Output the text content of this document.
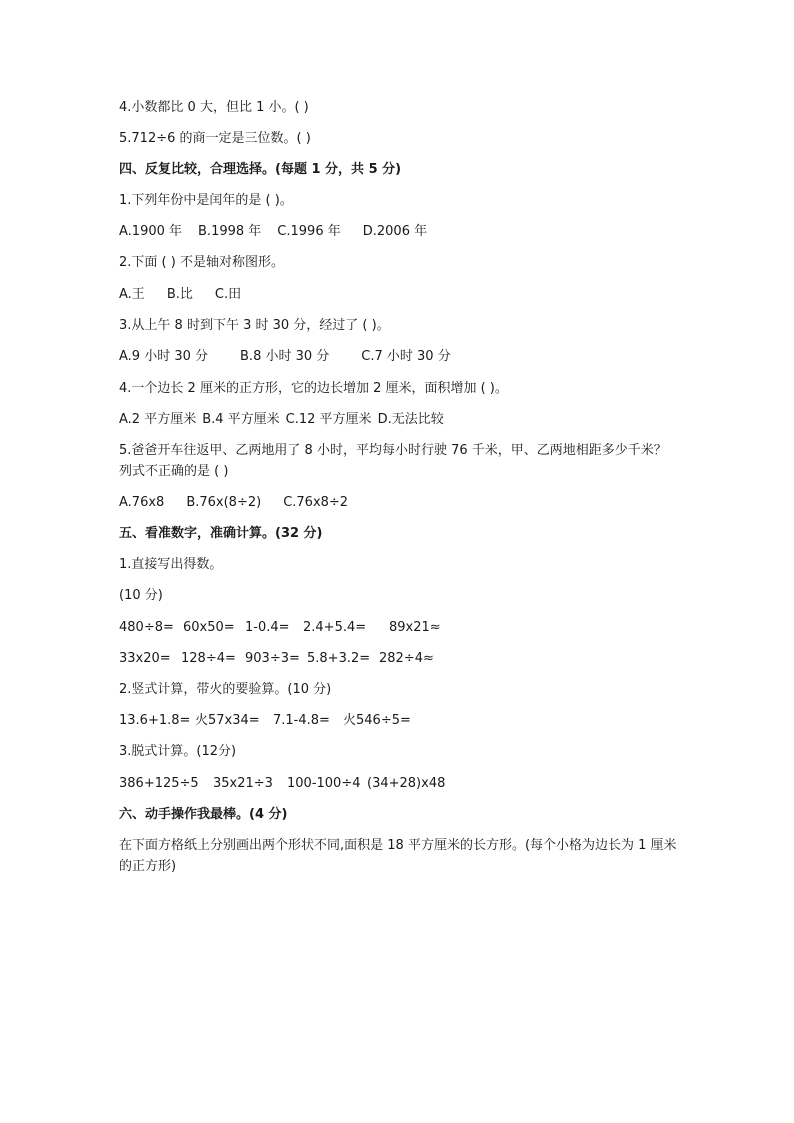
4.小数都比 0 大，但比 1 小。( )
5.712÷6 的商一定是三位数。( )
四、反复比较，合理选择。(每题 1 分，共 5 分)
1.下列年份中是闰年的是 ( )。
A.1900 年 B.1998 年 C.1996 年 D.2006 年
2.下面 ( ) 不是轴对称图形。
A.王 B.比 C.田
3.从上午 8 时到下午 3 时 30 分，经过了 ( )。
A.9 小时 30 分 B.8 小时 30 分 C.7 小时 30 分
4.一个边长 2 厘米的正方形，它的边长增加 2 厘米，面积增加 ( )。
A.2 平方厘米 B.4 平方厘米 C.12 平方厘米 D.无法比较
5.爸爸开车往返甲、乙两地用了 8 小时，平均每小时行驶 76 千米，甲、乙两地相距多少千米？列式不正确的是 ( )
A.76x8 B.76x(8÷2) C.76x8÷2
五、看准数字，准确计算。(32 分)
1.直接写出得数。
(10 分)
480÷8= 60x50= 1-0.4=	2.4+5.4=	89x21≈
33x20= 128÷4= 903÷3= 5.8+3.2= 282÷4≈
2.竖式计算，带火的要验算。(10 分)
13.6+1.8= 火57x34=	7.1-4.8=	火546÷5=
3.脱式计算。(12分)
386+125÷5	35x21÷3	100-100÷4 (34+28)x48
六、动手操作我最棒。(4 分)
在下面方格纸上分别画出两个形状不同,面积是 18 平方厘米的长方形。(每个小格为边长为 1 厘米的正方形)
